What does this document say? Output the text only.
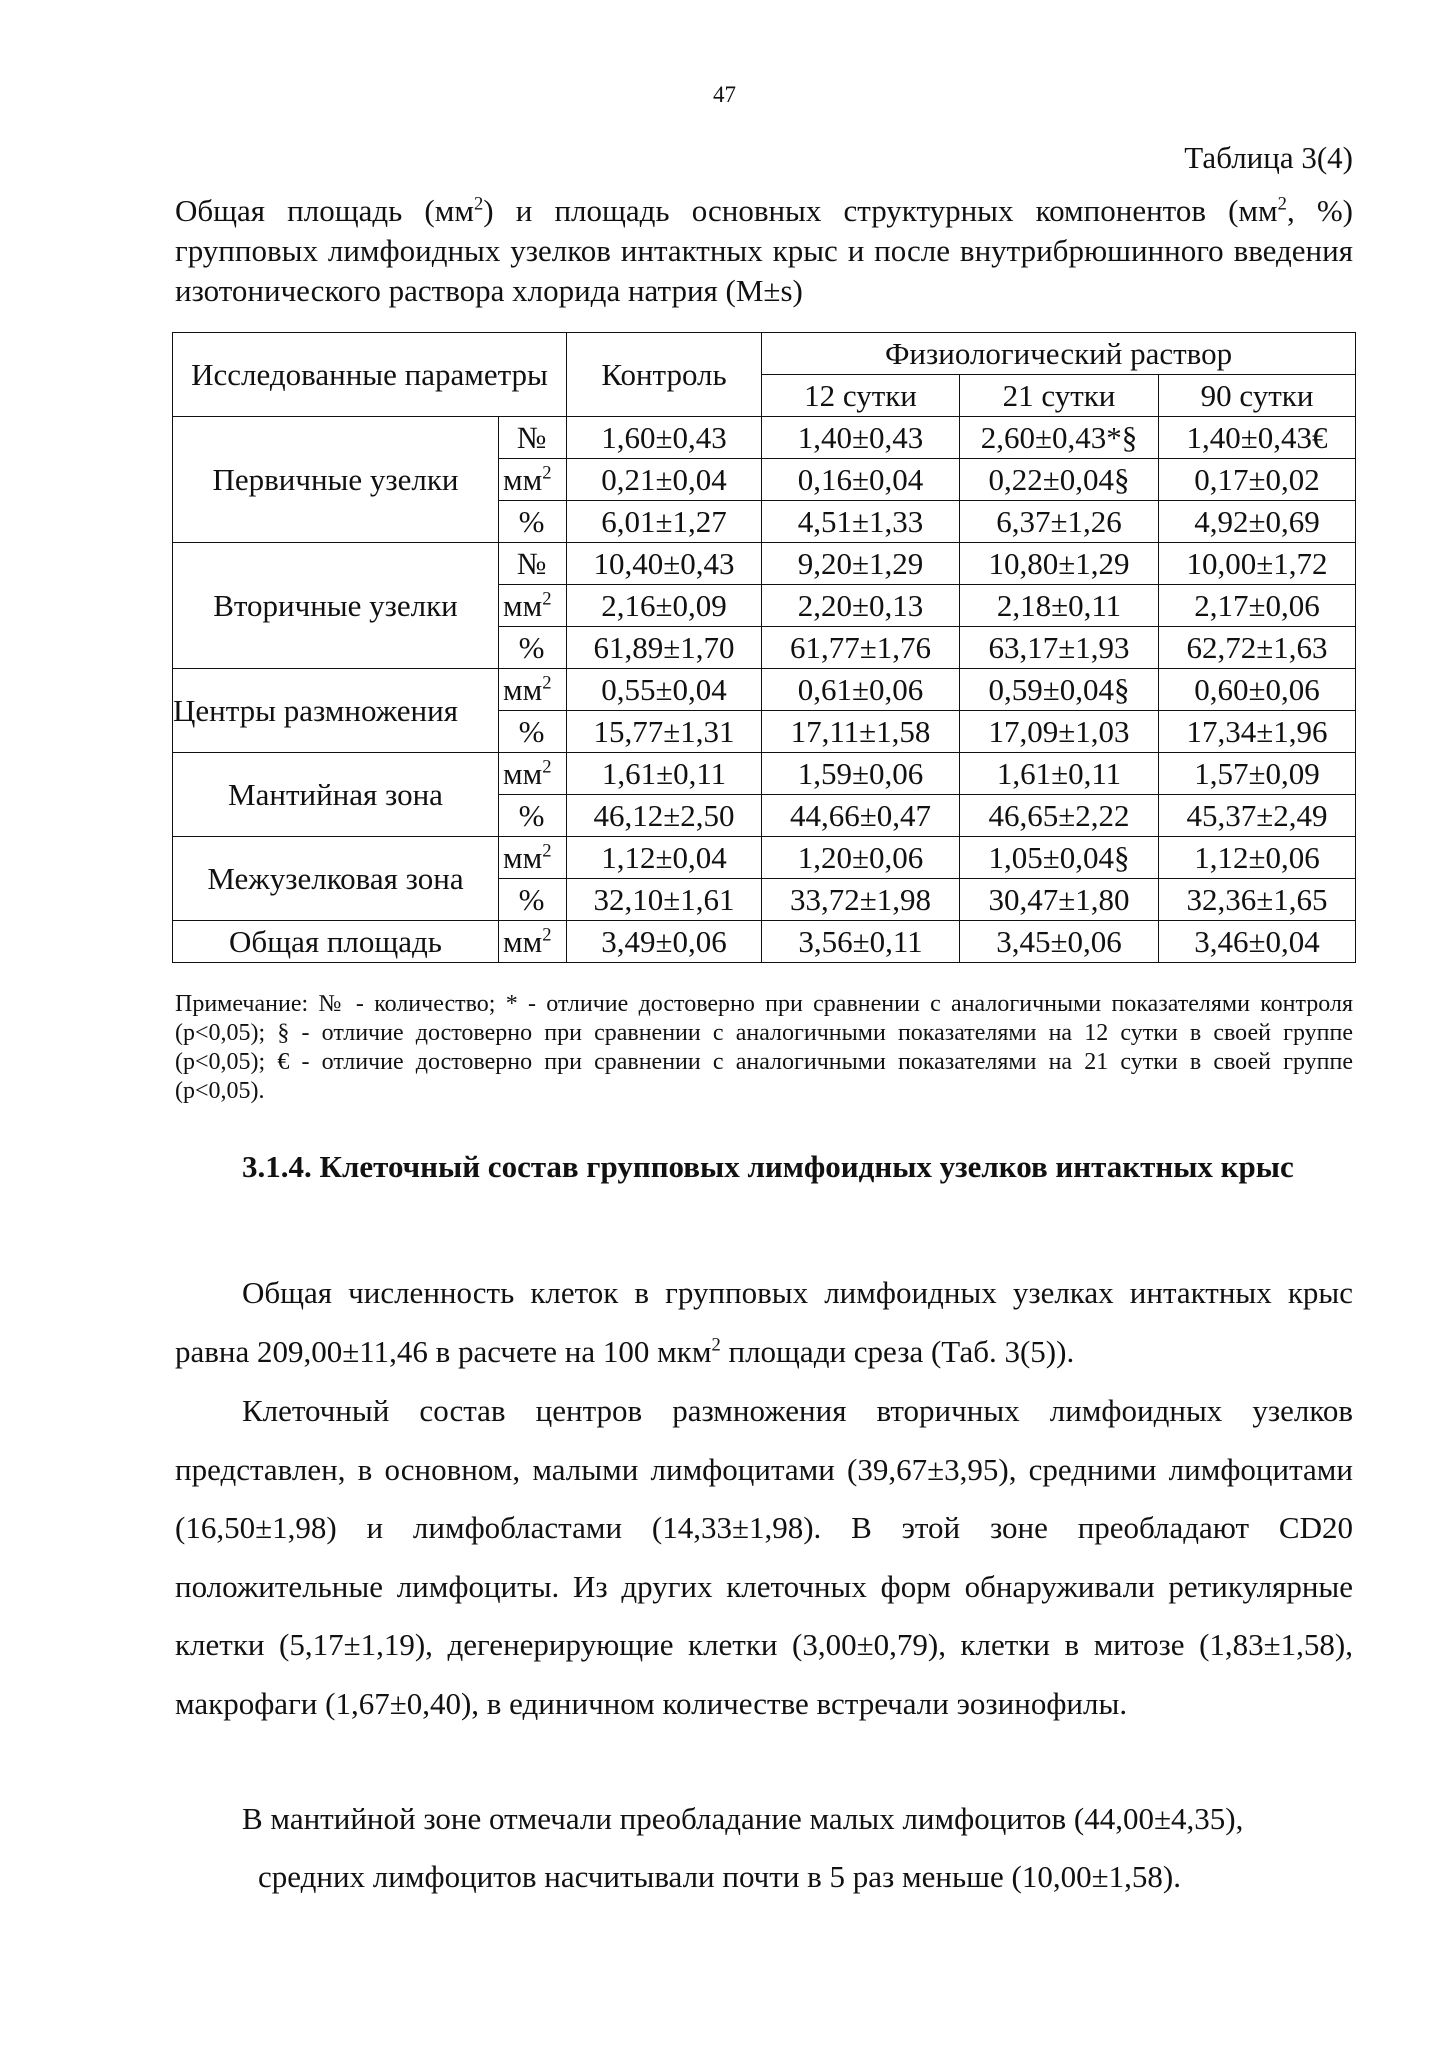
47
Таблица 3(4)
Общая площадь $(мм^2)$ и площадь основных структурных компонентов ($мм^2$, %) групповых лимфоидных узелков интактных крыс и после внутрибрюшинного введения изотонического раствора хлорида натрия (M±s)
Исследованные параметры		Контроль	Физиологический раствор		
			12 сутки	21 сутки	90 сутки
Первичные узелки	№	1,60±0,43	1,40±0,43	2,60±0,43*§	1,40±0,43€
	$мм^2$	0,21±0,04	0,16±0,04	0,22±0,04§	0,17±0,02
	%	6,01±1,27	4,51±1,33	6,37±1,26	4,92±0,69
Вторичные узелки	№	10,40±0,43	9,20±1,29	10,80±1,29	10,00±1,72
	$мм^2$	2,16±0,09	2,20±0,13	2,18±0,11	2,17±0,06
	%	61,89±1,70	61,77±1,76	63,17±1,93	62,72±1,63
Центры размножения	$мм^2$	0,55±0,04	0,61±0,06	0,59±0,04§	0,60±0,06
	%	15,77±1,31	17,11±1,58	17,09±1,03	17,34±1,96
Мантийная зона	$мм^2$	1,61±0,11	1,59±0,06	1,61±0,11	1,57±0,09
	%	46,12±2,50	44,66±0,47	46,65±2,22	45,37±2,49
Межузелковая зона	$мм^2$	1,12±0,04	1,20±0,06	1,05±0,04§	1,12±0,06
	%	32,10±1,61	33,72±1,98	30,47±1,80	32,36±1,65
Общая площадь	$мм^2$	3,49±0,06	3,56±0,11	3,45±0,06	3,46±0,04
Примечание: № - количество; * - отличие достоверно при сравнении с аналогичными показателями контроля (p<0,05); § - отличие достоверно при сравнении с аналогичными показателями на 12 сутки в своей группе (p<0,05); € - отличие достоверно при сравнении с аналогичными показателями на 21 сутки в своей группе (p<0,05).
3.1.4. Клеточный состав групповых лимфоидных узелков интактных крыс
Общая численность клеток в групповых лимфоидных узелках интактных крыс равна 209,00±11,46 в расчете на 100 мкм$^2$ площади среза (Таб. 3(5)).
Клеточный состав центров размножения вторичных лимфоидных узелков представлен, в основном, малыми лимфоцитами (39,67±3,95), средними лимфоцитами (16,50±1,98) и лимфобластами (14,33±1,98). В этой зоне преобладают CD20 положительные лимфоциты. Из других клеточных форм обнаруживали ретикулярные клетки (5,17±1,19), дегенерирующие клетки (3,00±0,79), клетки в митозе (1,83±1,58), макрофаги (1,67±0,40), в единичном количестве встречали эозинофилы.
В мантийной зоне отмечали преобладание малых лимфоцитов (44,00±4,35),
средних лимфоцитов насчитывали почти в 5 раз меньше (10,00±1,58).
